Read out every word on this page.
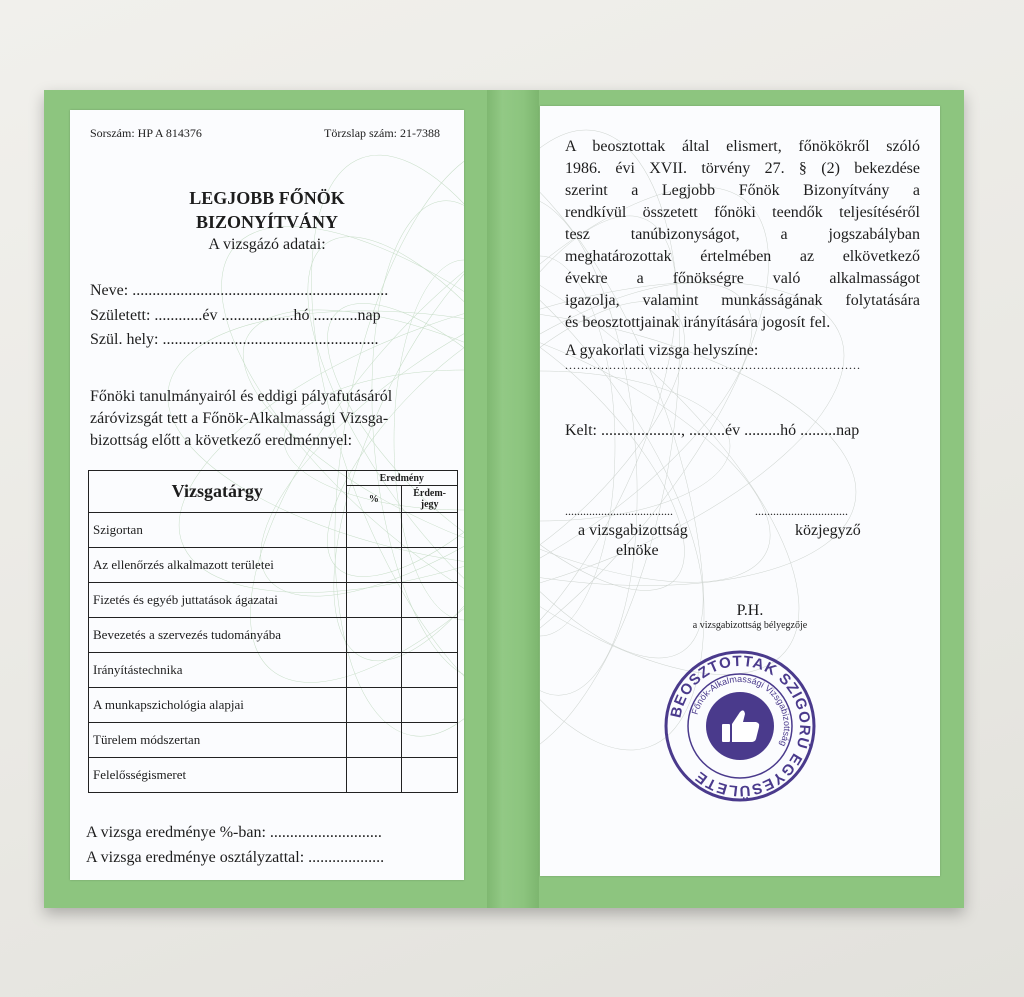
Sorszám: HP A 814376	Törzslap szám: 21-7388
LEGJOBB FŐNÖK
BIZONYÍTVÁNY
A vizsgázó adatai:
Neve: ................................................................
Született: ............év ..................hó ...........nap
Szül. hely: ......................................................
Főnöki tanulmányairól és eddigi pályafutásáról
záróvizsgát tett a Főnök-Alkalmassági Vizsga-
bizottság előtt a következő eredménnyel:
Vizsgatárgy	Eredmény	
	%	Érdem-jegy
Szigortan		
Az ellenőrzés alkalmazott területei		
Fizetés és egyéb juttatások ágazatai		
Bevezetés a szervezés tudományába		
Irányítástechnika		
A munkapszichológia alapjai		
Türelem módszertan		
Felelősségismeret		
A vizsga eredménye %-ban: ............................
A vizsga eredménye osztályzattal: ...................
A beosztottak által elismert, főnökökről szóló
1986. évi XVII. törvény 27. § (2) bekezdése
szerint a Legjobb Főnök Bizonyítvány a
rendkívül összetett főnöki teendők teljesítéséről
tesz tanúbizonyságot, a jogszabályban
meghatározottak értelmében az elkövetkező
évekre a főnökségre való alkalmasságot
igazolja, valamint munkásságának folytatására
és beosztottjainak irányítására jogosít fel.
A gyakorlati vizsga helyszíne:
..........................................................................
Kelt: ...................., .........év .........hó .........nap
....................................	...............................
a vizsgabizottság
elnöke
közjegyző
P.H.
a vizsgabizottság bélyegzője
BEOSZTOTTAK SZIGORÚ EGYESÜLETE
Főnök-Alkalmassági Vizsgabizottság
